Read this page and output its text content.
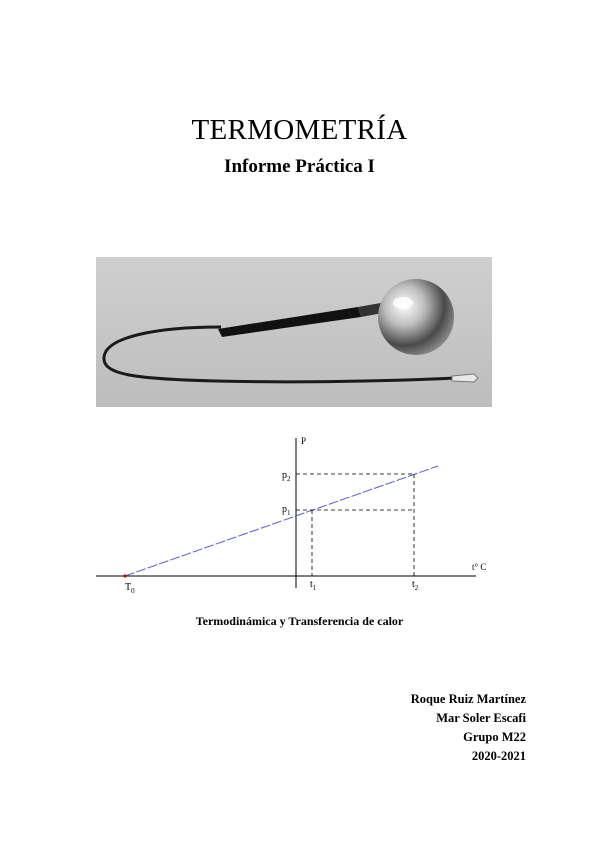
TERMOMETRÍA
Informe Práctica I
P
t° C
$p_2$
$p_1$
$t_1$	$t_2$
$T_0$
Termodinámica y Transferencia de calor
Roque Ruiz Martínez
Mar Soler Escafi
Grupo M22
2020-2021
